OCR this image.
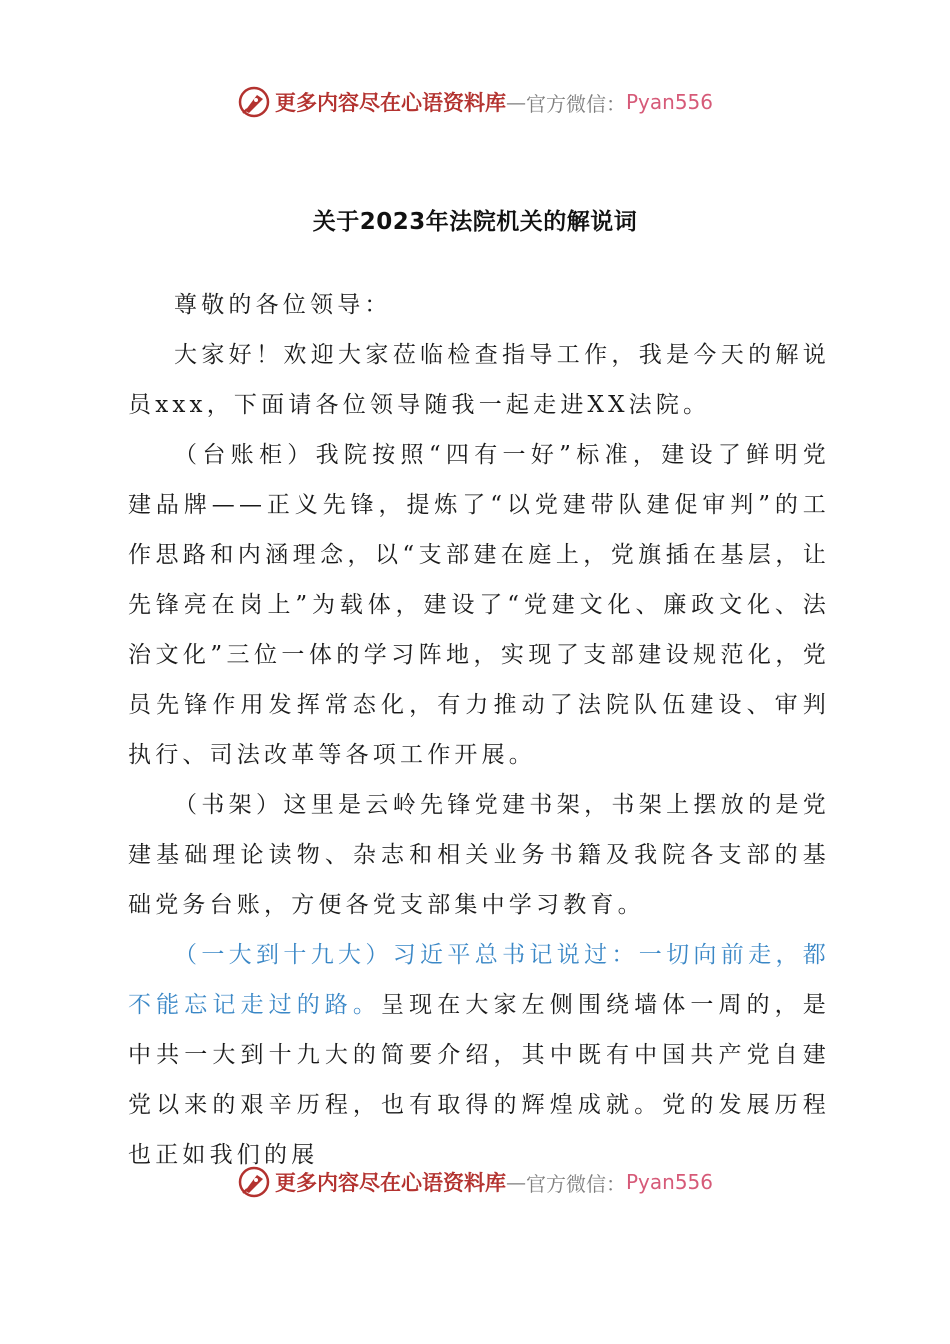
更多内容尽在心语资料库 — 官方微信： Pyan556
关于2023年法院机关的解说词

尊敬的各位领导：

大家好！欢迎大家莅临检查指导工作，我是今天的解说员xxx，下面请各位领导随我一起走进XX法院。

（台账柜）我院按照“四有一好”标准，建设了鲜明党建品牌——正义先锋，提炼了“以党建带队建促审判”的工作思路和内涵理念，以“支部建在庭上，党旗插在基层，让先锋亮在岗上”为载体，建设了“党建文化、廉政文化、法治文化”三位一体的学习阵地，实现了支部建设规范化，党员先锋作用发挥常态化，有力推动了法院队伍建设、审判执行、司法改革等各项工作开展。

（书架）这里是云岭先锋党建书架，书架上摆放的是党建基础理论读物、杂志和相关业务书籍及我院各支部的基础党务台账，方便各党支部集中学习教育。

（一大到十九大）习近平总书记说过：一切向前走，都不能忘记走过的路。呈现在大家左侧围绕墙体一周的，是中共一大到十九大的简要介绍，其中既有中国共产党自建党以来的艰辛历程，也有取得的辉煌成就。党的发展历程也正如我们的展

更多内容尽在心语资料库 — 官方微信： Pyan556
